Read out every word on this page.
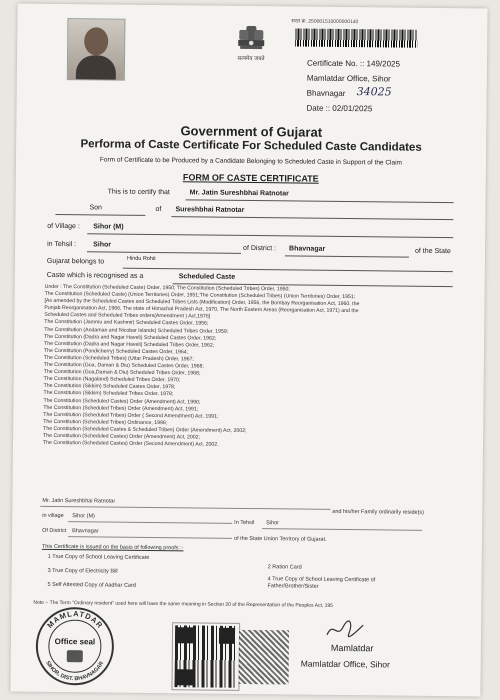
सत्यमेव जयते
सरल क्र. 250001510000000140
Certificate No. :: 149/2025
Mamlatdar Office, Sihor
Bhavnagar 34025
Date :: 02/01/2025
Government of Gujarat
Performa of Caste Certificate For Scheduled Caste Candidates
Form of Certificate to be Produced by a Candidate Belonging to Scheduled Caste in Support of the Claim
FORM OF CASTE CERTIFICATE
This is to certify that	Mr. Jatin Sureshbhai Ratnotar
Son	of Sureshbhai Ratnotar
of Village : Sihor (M)
in Tehsil : Sihor	of District : Bhavnagar	of the State
Gujarat belongs to	Hindu Rohit
Caste which is recognised as a	Scheduled Caste
Under : The Constitution (Scheduled Caste) Order, 1950; The Constitution (Scheduled Tribes) Order, 1950;
The Constitution (Scheduled Caste) (Union Territories) Order, 1951;The Constitution (Scheduled Tribes) (Union Territories) Order, 1951;
[As amended by the Scheduled Castes and Scheduled Tribes Lists (Modification) Order, 1956, the Bombay Reorganisation Act, 1960, the
Punjab Reorganisation Act, 1966, The state of Himachal Pradesh Act, 1970, The North Eastern Areas (Reorganisation Act, 1971) and the
Scheduled Castes and Scheduled Tribes orders(Amendment ) Act,1976]
The Constitution (Jammu and Kashmir) Scheduled Castes Order, 1956;
The Constitution (Andaman and Nicobar Islands) Scheduled Tribes Order, 1959;
The Constitution (Dadra and Nagar Haveli) Scheduled Castes Order, 1962;
The Constitution (Dadra and Nagar Haveli) Scheduled Tribes Order, 1962;
The Constitution (Pondicherry) Scheduled Castes Order, 1964;
The Constitution (Scheduled Tribes) (Uttar Pradesh) Order, 1967;
The Constitution (Goa, Daman & Diu) Scheduled Castes Order, 1968;
The Constitution (Goa,Daman & Diu) Scheduled Tribes Order, 1968;
The Constitution (Nagaland) Scheduled Tribes Order, 1970;
The Constitution (Sikkim) Scheduled Castes Order, 1978;
The Constitution (Sikkim) Scheduled Tribes Order, 1978;
The Constitution (Scheduled Castes) Order (Amendment) Act, 1990;
The Constitution (Scheduled Tribes) Order (Amendment) Act, 1991;
The Constitution (Scheduled Tribes) Order ( Second Amendment) Act, 1991;
The Constitution (Scheduled Tribes) Ordinance, 1996;
The Constitution (Scheduled Castes & Scheduled Tribes) Order (Amendment) Act, 2002;
The Constitution (Scheduled Castes) Order (Amendment) Act, 2002;
The Constitution (Scheduled Castes) Order (Second Amendment) Act, 2002.
Mr. Jatin Sureshbhai Ratnotar
and his/her Family ordinarily reside(s)
in village Sihor (M)
In Tehsil Sihor
Of District Bhavnagar
of the State Union Territory of Gujarat.
This Certificate is issued on the basis of following proofs :-
1 True Copy of School Leaving Certificate
2 Ration Card
3 True Copy of Electricity Bill
4 True Copy of School Leaving Certificate of Father/Brother/Sister
5 Self Attested Copy of Aadhar Card
Note :- The Term "Ordinary resident" used here will have the same meaning in Section 20 of the Representation of the Peoples Act, 195
MAMLATDAR
SIHOR, DIST. BHAVNAGAR
Office seal
Mamlatdar
Mamlatdar Office, Sihor
